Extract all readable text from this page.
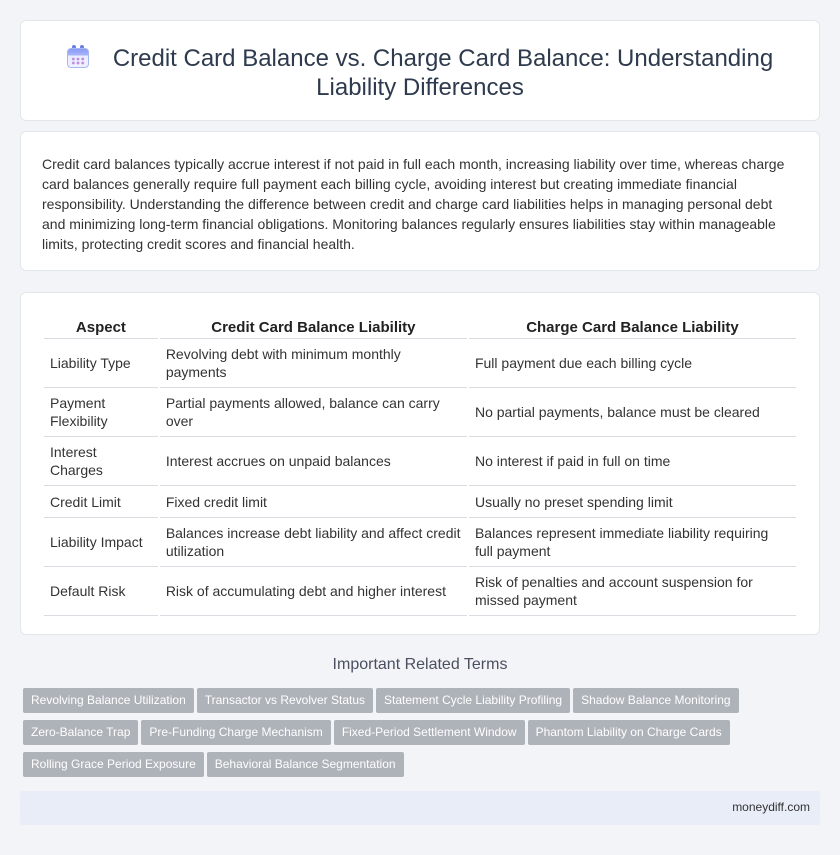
Credit Card Balance vs. Charge Card Balance: Understanding
Liability Differences

Credit card balances typically accrue interest if not paid in full each month, increasing liability over time, whereas charge card balances generally require full payment each billing cycle, avoiding interest but creating immediate financial responsibility. Understanding the difference between credit and charge card liabilities helps in managing personal debt and minimizing long-term financial obligations. Monitoring balances regularly ensures liabilities stay within manageable limits, protecting credit scores and financial health.

Aspect	Credit Card Balance Liability	Charge Card Balance Liability
Liability Type	Revolving debt with minimum monthly payments	Full payment due each billing cycle
Payment Flexibility	Partial payments allowed, balance can carry over	No partial payments, balance must be cleared
Interest Charges	Interest accrues on unpaid balances	No interest if paid in full on time
Credit Limit	Fixed credit limit	Usually no preset spending limit
Liability Impact	Balances increase debt liability and affect credit utilization	Balances represent immediate liability requiring full payment
Default Risk	Risk of accumulating debt and higher interest	Risk of penalties and account suspension for missed payment
Important Related Terms
Revolving Balance Utilization Transactor vs Revolver Status Statement Cycle Liability Profiling Shadow Balance Monitoring
Zero-Balance Trap Pre-Funding Charge Mechanism Fixed-Period Settlement Window Phantom Liability on Charge Cards
Rolling Grace Period Exposure Behavioral Balance Segmentation
moneydiff.com
